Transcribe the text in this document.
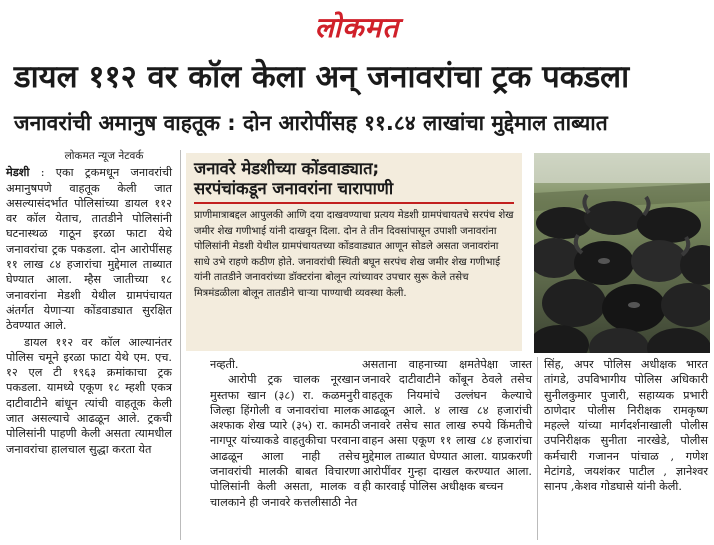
लोकमत
डायल ११२ वर कॉल केला अन् जनावरांचा ट्रक पकडला
जनावरांची अमानुष वाहतूक : दोन आरोपींसह ११.८४ लाखांचा मुद्देमाल ताब्यात
लोकमत न्यूज नेटवर्क

मेडशी : एका ट्रकमधून जनावरांची अमानुषपणे वाहतूक केली जात असल्यासंदर्भात पोलिसांच्या डायल ११२ वर कॉल येताच, तातडीने पोलिसांनी घटनास्थळ गाठून इरळा फाटा येथे जनावरांचा ट्रक पकडला. दोन आरोपींसह ११ लाख ८४ हजारांचा मुद्देमाल ताब्यात घेण्यात आला. म्हैस जातीच्या १८ जनावरांना मेडशी येथील ग्रामपंचायत अंतर्गत येणाऱ्या कोंडवाड्यात सुरक्षित ठेवण्यात आले.

डायल ११२ वर कॉल आल्यानंतर पोलिस चमूने इरळा फाटा येथे एम. एच. १२ एल टी १९६३ क्रमांकाचा ट्रक पकडला. यामध्ये एकूण १८ म्हशी एकत्र दाटीवाटीने बांधून त्यांची वाहतूक केली जात असल्याचे आढळून आले. ट्रकची पोलिसांनी पाहणी केली असता त्यामधील जनावरांचा हालचाल सुद्धा करता येत

जनावरे मेडशीच्या कोंडवाड्यात;
सरपंचांकडून जनावरांना चारापाणी
प्राणीमात्राबद्दल आपुलकी आणि दया दाखवण्याचा प्रत्यय मेडशी ग्रामपंचायतचे सरपंच शेख जमीर शेख गणीभाई यांनी दाखवून दिला. दोन ते तीन दिवसांपासून उपाशी जनावरांना पोलिसांनी मेडशी येथील ग्रामपंचायतच्या कोंडवाड्यात आणून सोडले असता जनावरांना साधे उभे राहणे कठीण होते. जनावरांची स्थिती बघून सरपंच शेख जमीर शेख गणीभाई यांनी तातडीने जनावरांच्या डॉक्टरांना बोलून त्यांच्यावर उपचार सुरू केले तसेच मित्रमंडळीला बोलून तातडीने चाऱ्या पाण्याची व्यवस्था केली.

नव्हती.

आरोपी ट्रक चालक नूरखान मुस्तफा खान (३८) रा. कळमनुरी जिल्हा हिंगोली व जनावरांचा मालक अश्फाक शेख प्यारे (३५) रा. कामठी नागपूर यांच्याकडे वाहतुकीचा परवाना आढळून आला नाही तसेच जनावरांची मालकी बाबत विचारणा पोलिसांनी केली असता, मालक व चालकाने ही जनावरे कत्तलीसाठी नेत

असताना वाहनाच्या क्षमतेपेक्षा जास्त जनावरे दाटीवाटीने कोंबून ठेवले तसेच वाहतूक नियमांचे उल्लंघन केल्याचे आढळून आले. ४ लाख ८४ हजारांची जनावरे तसेच सात लाख रुपये किंमतीचे वाहन असा एकूण ११ लाख ८४ हजारांचा मुद्देमाल ताब्यात घेण्यात आला. याप्रकरणी आरोपींवर गुन्हा दाखल करण्यात आला. ही कारवाई पोलिस अधीक्षक बच्चन

सिंह, अपर पोलिस अधीक्षक भारत तांगडे, उपविभागीय पोलिस अधिकारी सुनीलकुमार पुजारी, सहाय्यक प्रभारी ठाणेदार पोलीस निरीक्षक रामकृष्ण महल्ले यांच्या मार्गदर्शनाखाली पोलीस उपनिरीक्षक सुनीता नारखेडे, पोलीस कर्मचारी गजानन पांचाळ , गणेश मेटांगडे, जयशंकर पाटील , ज्ञानेश्वर सानप ,केशव गोडघासे यांनी केली.
